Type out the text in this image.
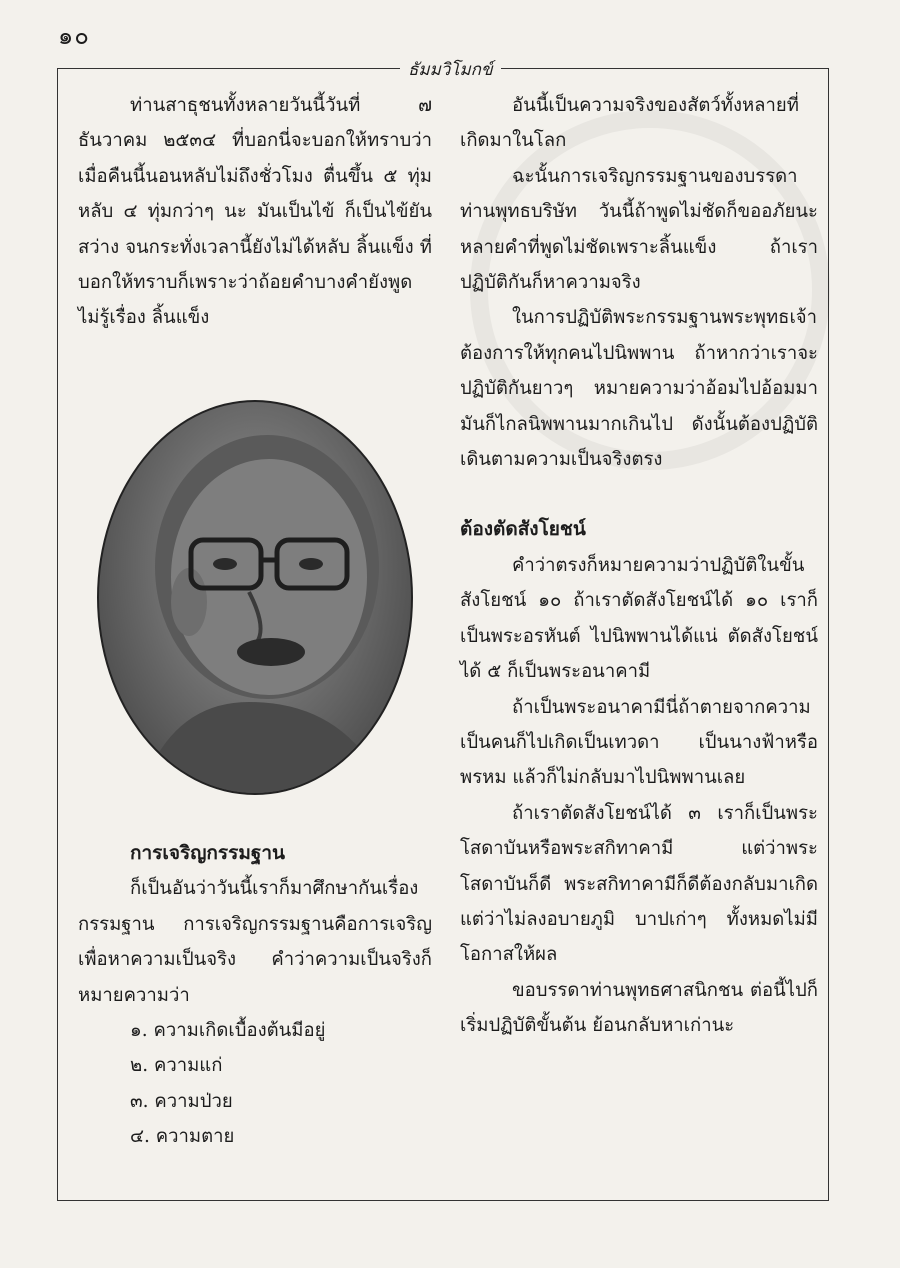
๑๐
ธัมมวิโมกข์

ท่านสาธุชนทั้งหลายวันนี้วันที่ ๗ ธันวาคม ๒๕๓๔ ที่บอกนี่จะบอกให้ทราบว่าเมื่อคืนนี้นอนหลับไม่ถึงชั่วโมง ตื่นขึ้น ๕ ทุ่มหลับ ๔ ทุ่มกว่าๆ นะ มันเป็นไข้ ก็เป็นไข้ยันสว่าง จนกระทั่งเวลานี้ยังไม่ได้หลับ ลิ้นแข็ง ที่บอกให้ทราบก็เพราะว่าถ้อยคำบางคำยังพูดไม่รู้เรื่อง ลิ้นแข็ง

การเจริญกรรมฐาน

ก็เป็นอันว่าวันนี้เราก็มาศึกษากันเรื่องกรรมฐาน การเจริญกรรมฐานคือการเจริญเพื่อหาความเป็นจริง คำว่าความเป็นจริงก็หมายความว่า

๑. ความเกิดเบื้องต้นมีอยู่

๒. ความแก่

๓. ความป่วย

๔. ความตาย

อันนี้เป็นความจริงของสัตว์ทั้งหลายที่เกิดมาในโลก

ฉะนั้นการเจริญกรรมฐานของบรรดาท่านพุทธบริษัท วันนี้ถ้าพูดไม่ชัดก็ขออภัยนะ หลายคำที่พูดไม่ชัดเพราะลิ้นแข็ง ถ้าเราปฏิบัติกันก็หาความจริง

ในการปฏิบัติพระกรรมฐานพระพุทธเจ้าต้องการให้ทุกคนไปนิพพาน ถ้าหากว่าเราจะปฏิบัติกันยาวๆ หมายความว่าอ้อมไปอ้อมมามันก็ไกลนิพพานมากเกินไป ดังนั้นต้องปฏิบัติเดินตามความเป็นจริงตรง

ต้องตัดสังโยชน์

คำว่าตรงก็หมายความว่าปฏิบัติในขั้นสังโยชน์ ๑๐ ถ้าเราตัดสังโยชน์ได้ ๑๐ เราก็เป็นพระอรหันต์ ไปนิพพานได้แน่ ตัดสังโยชน์ได้ ๕ ก็เป็นพระอนาคามี

ถ้าเป็นพระอนาคามีนี่ถ้าตายจากความเป็นคนก็ไปเกิดเป็นเทวดา เป็นนางฟ้าหรือพรหม แล้วก็ไม่กลับมาไปนิพพานเลย

ถ้าเราตัดสังโยชน์ได้ ๓ เราก็เป็นพระโสดาบันหรือพระสกิทาคามี แต่ว่าพระโสดาบันก็ดี พระสกิทาคามีก็ดีต้องกลับมาเกิด แต่ว่าไม่ลงอบายภูมิ บาปเก่าๆ ทั้งหมดไม่มีโอกาสให้ผล

ขอบรรดาท่านพุทธศาสนิกชน ต่อนี้ไปก็เริ่มปฏิบัติขั้นต้น ย้อนกลับหาเก่านะ
